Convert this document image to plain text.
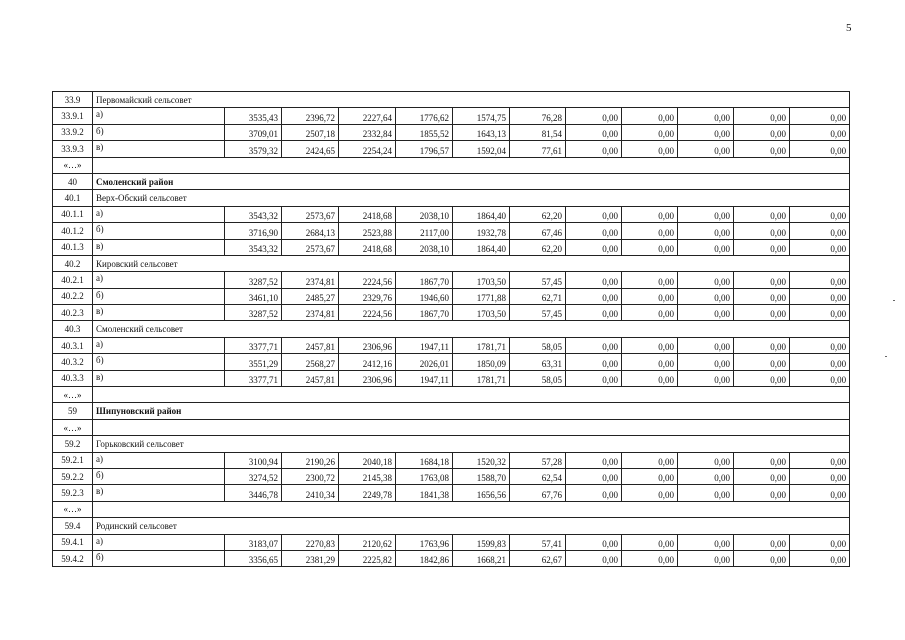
5
33.9	Первомайский сельсовет											
33.9.1	а)	3535,43	2396,72	2227,64	1776,62	1574,75	76,28	0,00	0,00	0,00	0,00	0,00
33.9.2	б)	3709,01	2507,18	2332,84	1855,52	1643,13	81,54	0,00	0,00	0,00	0,00	0,00
33.9.3	в)	3579,32	2424,65	2254,24	1796,57	1592,04	77,61	0,00	0,00	0,00	0,00	0,00
«…»												
40	Смоленский район											
40.1	Верх-Обский сельсовет											
40.1.1	а)	3543,32	2573,67	2418,68	2038,10	1864,40	62,20	0,00	0,00	0,00	0,00	0,00
40.1.2	б)	3716,90	2684,13	2523,88	2117,00	1932,78	67,46	0,00	0,00	0,00	0,00	0,00
40.1.3	в)	3543,32	2573,67	2418,68	2038,10	1864,40	62,20	0,00	0,00	0,00	0,00	0,00
40.2	Кировский сельсовет											
40.2.1	а)	3287,52	2374,81	2224,56	1867,70	1703,50	57,45	0,00	0,00	0,00	0,00	0,00
40.2.2	б)	3461,10	2485,27	2329,76	1946,60	1771,88	62,71	0,00	0,00	0,00	0,00	0,00
40.2.3	в)	3287,52	2374,81	2224,56	1867,70	1703,50	57,45	0,00	0,00	0,00	0,00	0,00
40.3	Смоленский сельсовет											
40.3.1	а)	3377,71	2457,81	2306,96	1947,11	1781,71	58,05	0,00	0,00	0,00	0,00	0,00
40.3.2	б)	3551,29	2568,27	2412,16	2026,01	1850,09	63,31	0,00	0,00	0,00	0,00	0,00
40.3.3	в)	3377,71	2457,81	2306,96	1947,11	1781,71	58,05	0,00	0,00	0,00	0,00	0,00
«…»												
59	Шипуновский район											
«…»												
59.2	Горьковский сельсовет											
59.2.1	а)	3100,94	2190,26	2040,18	1684,18	1520,32	57,28	0,00	0,00	0,00	0,00	0,00
59.2.2	б)	3274,52	2300,72	2145,38	1763,08	1588,70	62,54	0,00	0,00	0,00	0,00	0,00
59.2.3	в)	3446,78	2410,34	2249,78	1841,38	1656,56	67,76	0,00	0,00	0,00	0,00	0,00
«…»												
59.4	Родинский сельсовет											
59.4.1	а)	3183,07	2270,83	2120,62	1763,96	1599,83	57,41	0,00	0,00	0,00	0,00	0,00
59.4.2	б)	3356,65	2381,29	2225,82	1842,86	1668,21	62,67	0,00	0,00	0,00	0,00	0,00
